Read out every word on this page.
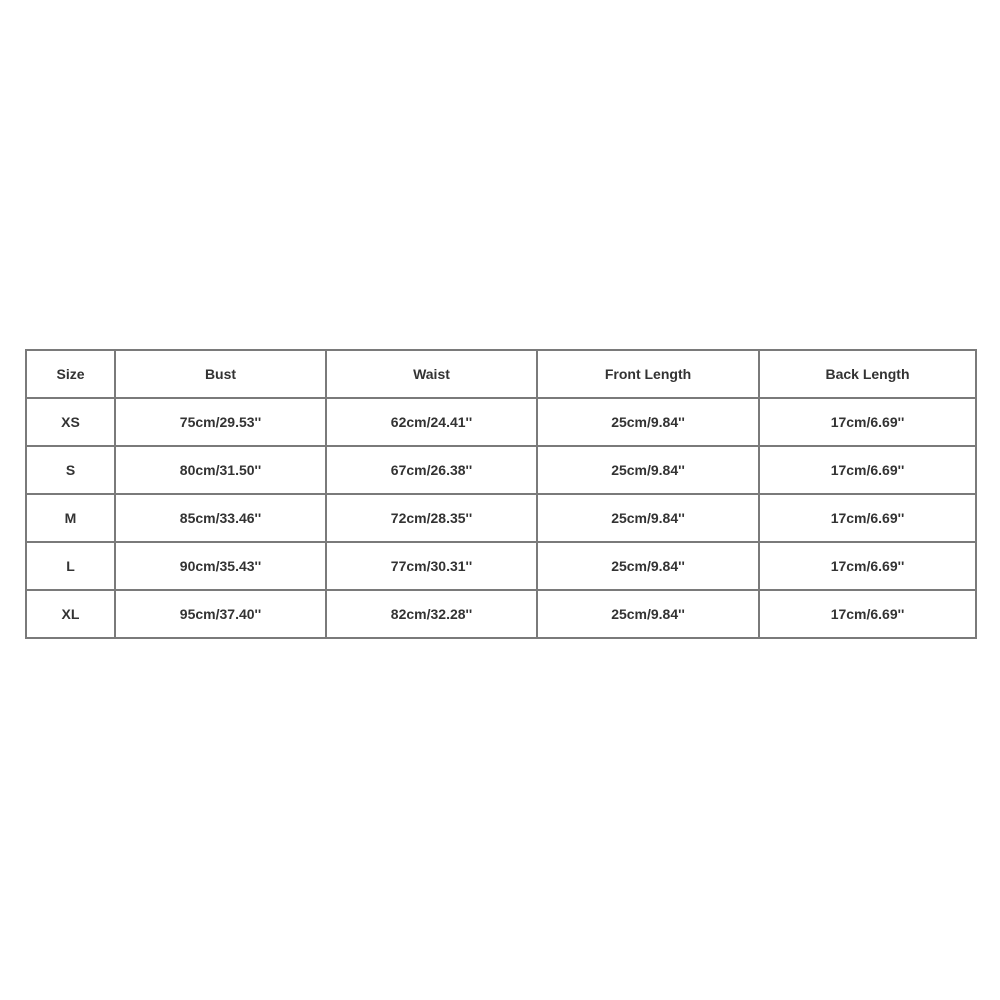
Size	Bust	Waist	Front Length	Back Length
XS	75cm/29.53''	62cm/24.41''	25cm/9.84''	17cm/6.69''
S	80cm/31.50''	67cm/26.38''	25cm/9.84''	17cm/6.69''
M	85cm/33.46''	72cm/28.35''	25cm/9.84''	17cm/6.69''
L	90cm/35.43''	77cm/30.31''	25cm/9.84''	17cm/6.69''
XL	95cm/37.40''	82cm/32.28''	25cm/9.84''	17cm/6.69''
